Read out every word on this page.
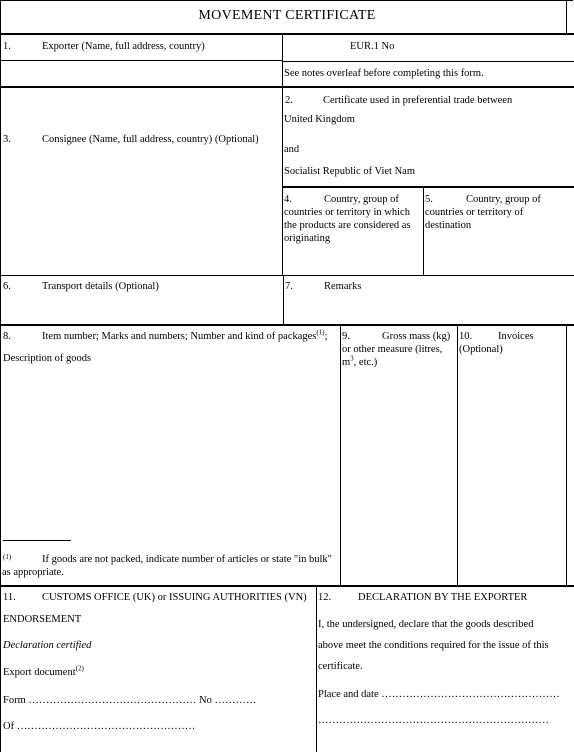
MOVEMENT CERTIFICATE
1.	Exporter (Name, full address, country)	EUR.1 No
See notes overleaf before completing this form.
2.	Certificate used in preferential trade between
United Kingdom
and
Socialist Republic of Viet Nam
3.	Consignee (Name, full address, country) (Optional)
4.	Country, group of
countries or territory in which
the products are considered as
originating
5.	Country, group of
countries or territory of
destination
6.	Transport details (Optional)	7.	Remarks
8.	Item number; Marks and numbers; Number and kind of packages$^{(1)}$;
Description of goods
(1)	If goods are not packed, indicate number of articles or state "in bulk"
as appropriate.
9.	Gross mass (kg)
or other measure (litres,
$m^3$, etc.)
10. Invoices
(Optional)
11.	CUSTOMS OFFICE (UK) or ISSUING AUTHORITIES (VN)
ENDORSEMENT
Declaration certified
Export document$^{(2)}$
Form ………………………………………… No …………
Of ……………………………………………
12.	DECLARATION BY THE EXPORTER
I, the undersigned, declare that the goods described
above meet the conditions required for the issue of this
certificate.
Place and date ……………………………………………
…………………………………………………………
